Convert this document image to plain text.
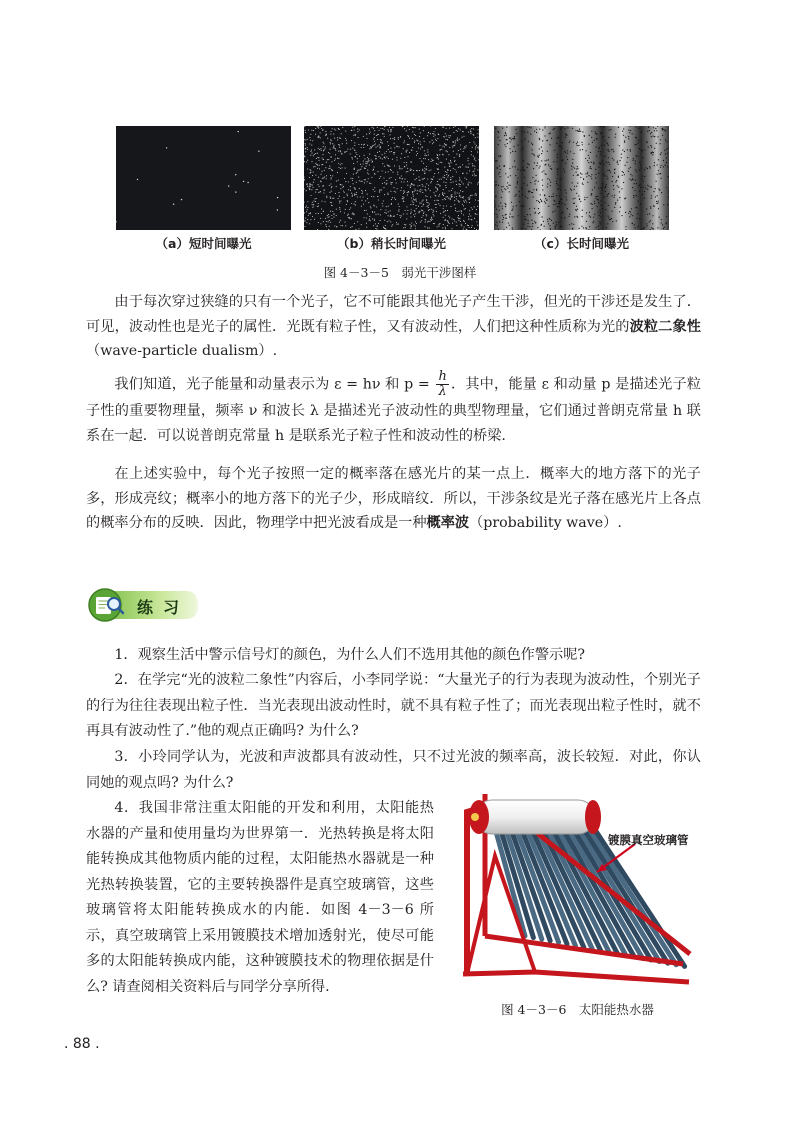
（a）短时间曝光	（b）稍长时间曝光	（c）长时间曝光
图 4－3－5　弱光干涉图样

由于每次穿过狭缝的只有一个光子，它不可能跟其他光子产生干涉，但光的干涉还是发生了．可见，波动性也是光子的属性．光既有粒子性，又有波动性，人们把这种性质称为光的波粒二象性（wave-particle dualism）.

我们知道，光子能量和动量表示为 ε = hν 和 $p = \frac{h}{\lambda}$ ．其中，能量 ε 和动量 p 是描述光子粒子性的重要物理量，频率 ν 和波长 λ 是描述光子波动性的典型物理量，它们通过普朗克常量 h 联系在一起．可以说普朗克常量 h 是联系光子粒子性和波动性的桥梁.

在上述实验中，每个光子按照一定的概率落在感光片的某一点上．概率大的地方落下的光子多，形成亮纹；概率小的地方落下的光子少，形成暗纹．所以，干涉条纹是光子落在感光片上各点的概率分布的反映．因此，物理学中把光波看成是一种概率波（probability wave）.

练习

1．观察生活中警示信号灯的颜色，为什么人们不选用其他的颜色作警示呢?

2．在学完“光的波粒二象性”内容后，小李同学说：“大量光子的行为表现为波动性，个别光子的行为往往表现出粒子性．当光表现出波动性时，就不具有粒子性了；而光表现出粒子性时，就不再具有波动性了.”他的观点正确吗? 为什么?

3．小玲同学认为，光波和声波都具有波动性，只不过光波的频率高，波长较短．对此，你认同她的观点吗? 为什么?

4．我国非常注重太阳能的开发和利用，太阳能热水器的产量和使用量均为世界第一．光热转换是将太阳能转换成其他物质内能的过程，太阳能热水器就是一种光热转换装置，它的主要转换器件是真空玻璃管，这些玻璃管将太阳能转换成水的内能．如图 4－3－6 所示，真空玻璃管上采用镀膜技术增加透射光，使尽可能多的太阳能转换成内能，这种镀膜技术的物理依据是什么? 请查阅相关资料后与同学分享所得.

镀膜真空玻璃管
图 4－3－6　太阳能热水器
. 88 .
